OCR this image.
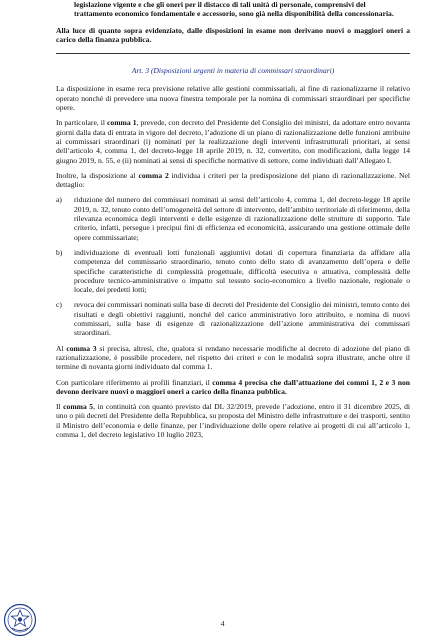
legislazione vigente e che gli oneri per il distacco di tali unità di personale, comprensivi del

trattamento economico fondamentale e accessorio, sono già nella disponibilità della concessionaria.

Alla luce di quanto sopra evidenziato, dalle disposizioni in esame non derivano nuovi o maggiori oneri a carico della finanza pubblica.

Art. 3 (Disposizioni urgenti in materia di commissari straordinari)

La disposizione in esame reca previsione relative alle gestioni commissariali, al fine di razionalizzarne il relativo operato nonché di prevedere una nuova finestra temporale per la nomina di commissari straordinari per specifiche opere.

In particolare, il comma 1, prevede, con decreto del Presidente del Consiglio dei ministri, da adottare entro novanta giorni dalla data di entrata in vigore del decreto, l’adozione di un piano di razionalizzazione delle funzioni attribuite ai commissari straordinari (i) nominati per la realizzazione degli interventi infrastrutturali prioritari, ai sensi dell’articolo 4, comma 1, del decreto-legge 18 aprile 2019, n. 32, convertito, con modificazioni, dalla legge 14 giugno 2019, n. 55, e (ii) nominati ai sensi di specifiche normative di settore, come individuati dall’Allegato I.

Inoltre, la disposizione al comma 2 individua i criteri per la predisposizione del piano di razionalizzazione. Nel dettaglio:

a) riduzione del numero dei commissari nominati ai sensi dell’articolo 4, comma 1, del decreto-legge 18 aprile 2019, n. 32, tenuto conto dell’omogeneità del settore di intervento, dell’ambito territoriale di riferimento, della rilevanza economica degli interventi e delle esigenze di razionalizzazione delle strutture di supporto. Tale criterio, infatti, persegue i precipui fini di efficienza ed economicità, assicurando una gestione ottimale delle opere commissariate;
b) individuazione di eventuali lotti funzionali aggiuntivi dotati di copertura finanziaria da affidare alla competenza del commissario straordinario, tenuto conto dello stato di avanzamento dell’opera e delle specifiche caratteristiche di complessità progettuale, difficoltà esecutiva o attuativa, complessità delle procedure tecnico-amministrative o impatto sul tessuto socio-economico a livello nazionale, regionale o locale, dei predetti lotti;
c) revoca dei commissari nominati sulla base di decreti del Presidente del Consiglio dei ministri, tenuto conto dei risultati e degli obiettivi raggiunti, nonché del carico amministrativo loro attribuito, e nomina di nuovi commissari, sulla base di esigenze di razionalizzazione dell’azione amministrativa dei commissari straordinari.

Al comma 3 si precisa, altresì, che, qualora si rendano necessarie modifiche al decreto di adozione del piano di razionalizzazione, è possibile procedere, nel rispetto dei criteri e con le modalità sopra illustrate, anche oltre il termine di novanta giorni individuato dal comma 1.

Con particolare riferimento ai profili finanziari, il comma 4 precisa che dall’attuazione dei commi 1, 2 e 3 non devono derivare nuovi o maggiori oneri a carico della finanza pubblica.

Il comma 5, in continuità con quanto previsto dal DL 32/2019, prevede l’adozione, entro il 31 dicembre 2025, di uno o più decreti del Presidente della Repubblica, su proposta del Ministro delle infrastrutture e dei trasporti, sentito il Ministro dell’economia e delle finanze, per l’individuazione delle opere relative ai progetti di cui all’articolo 1, comma 1, del decreto legislativo 10 luglio 2023,

4
